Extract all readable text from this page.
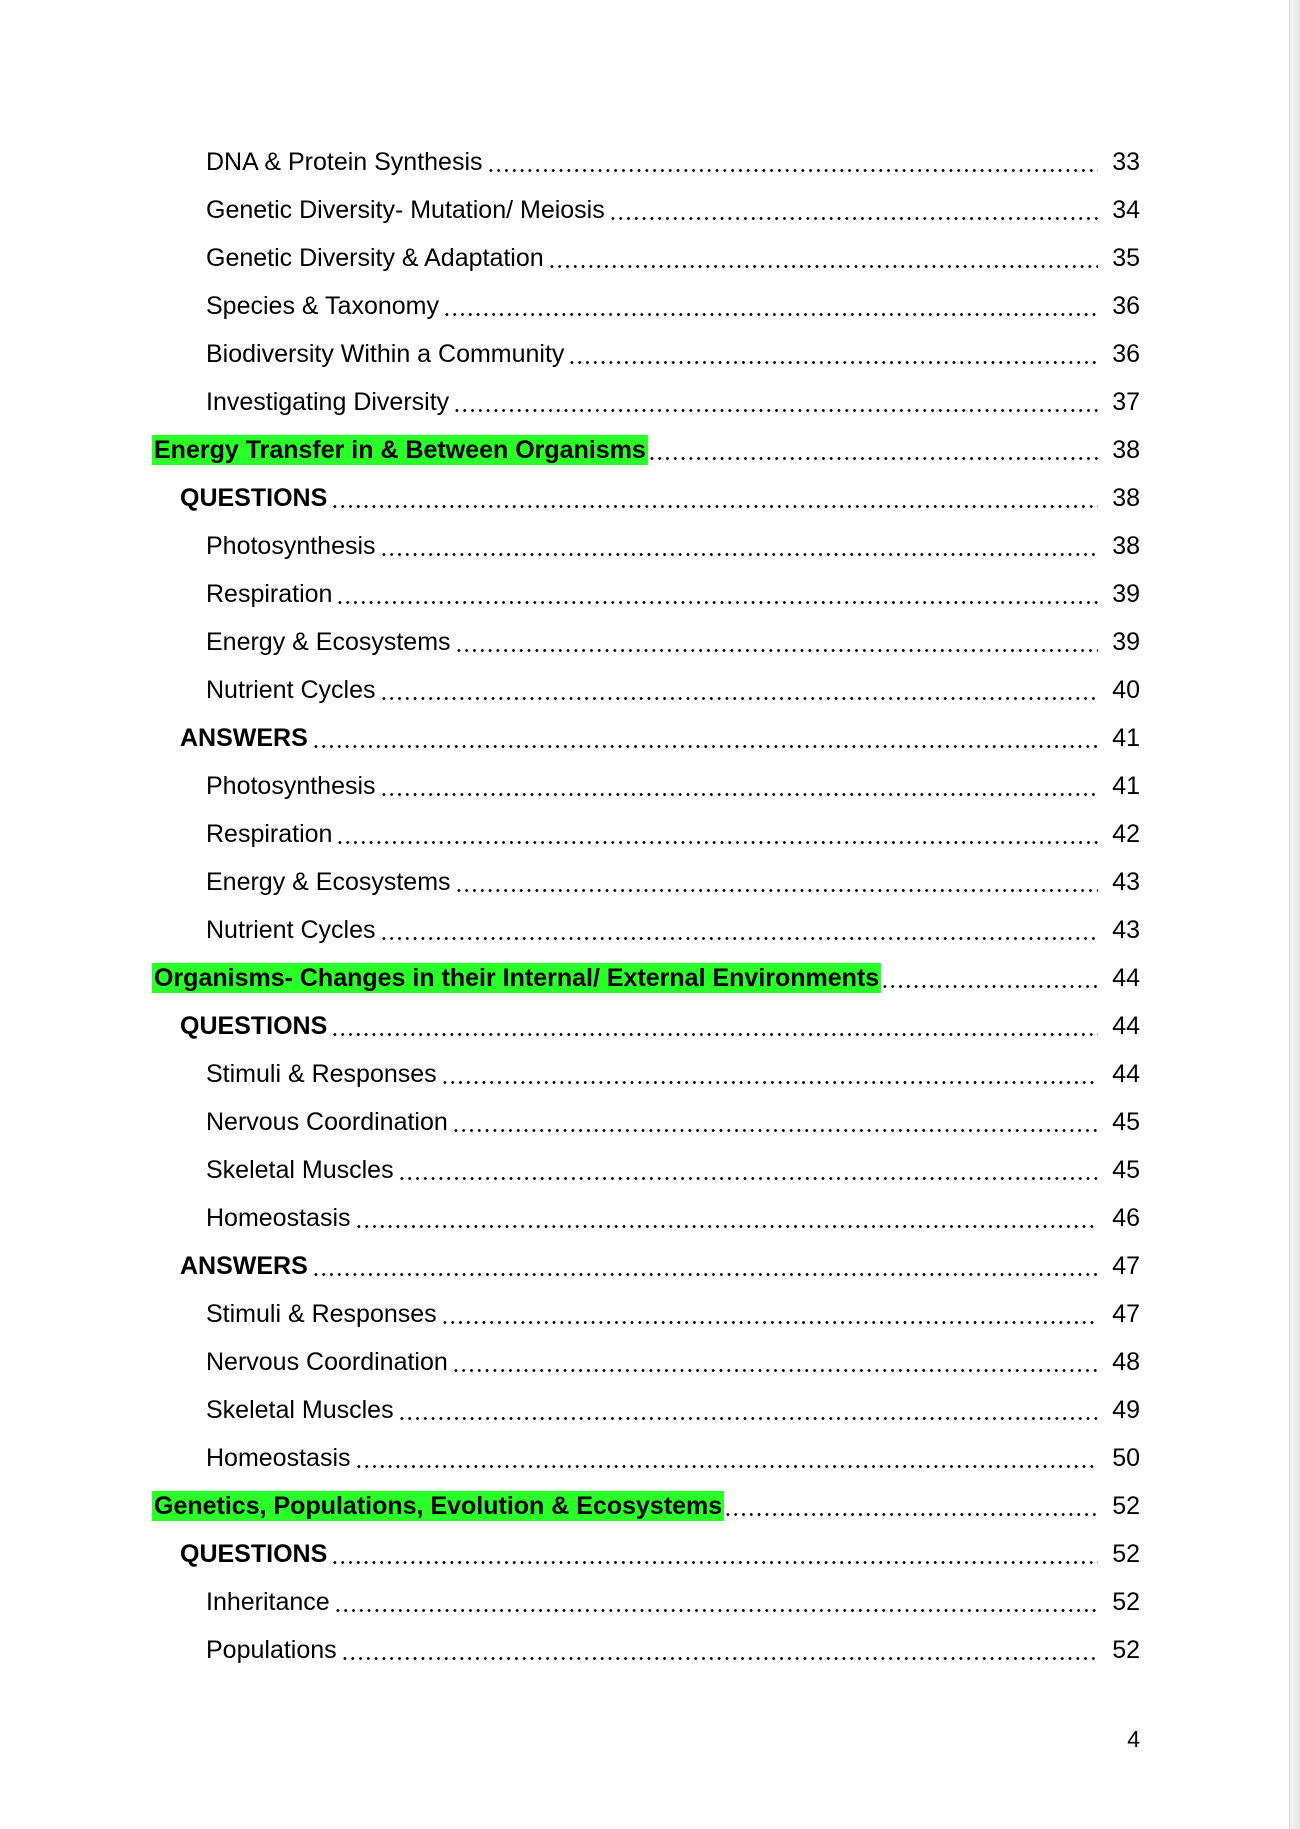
DNA & Protein Synthesis	33
Genetic Diversity- Mutation/ Meiosis	34
Genetic Diversity & Adaptation	35
Species & Taxonomy	36
Biodiversity Within a Community	36
Investigating Diversity	37
Energy Transfer in & Between Organisms	38
QUESTIONS	38
Photosynthesis	38
Respiration	39
Energy & Ecosystems	39
Nutrient Cycles	40
ANSWERS	41
Photosynthesis	41
Respiration	42
Energy & Ecosystems	43
Nutrient Cycles	43
Organisms- Changes in their Internal/ External Environments	44
QUESTIONS	44
Stimuli & Responses	44
Nervous Coordination	45
Skeletal Muscles	45
Homeostasis	46
ANSWERS	47
Stimuli & Responses	47
Nervous Coordination	48
Skeletal Muscles	49
Homeostasis	50
Genetics, Populations, Evolution & Ecosystems	52
QUESTIONS	52
Inheritance	52
Populations	52
4
